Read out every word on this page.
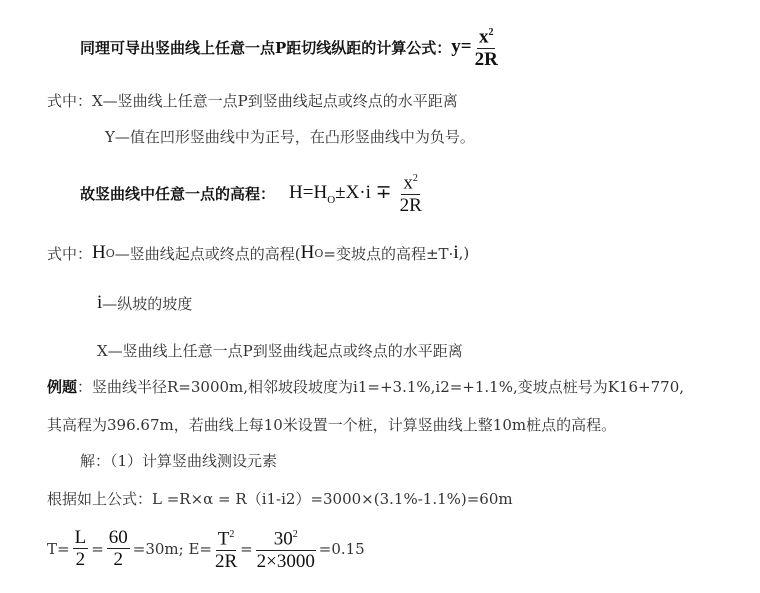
同理可导出竖曲线上任意一点P距切线纵距的计算公式： $y= \frac{x^2}{2R}$
式中：X—竖曲线上任意一点P到竖曲线起点或终点的水平距离
Y—值在凹形竖曲线中为正号，在凸形竖曲线中为负号。
故竖曲线中任意一点的高程： $H=H_O\pm X\cdot i \mp \frac{x^2}{2R}$
式中： H O —竖曲线起点或终点的高程( H O =变坡点的高程±T· i ,)
i —纵坡的坡度
X—竖曲线上任意一点P到竖曲线起点或终点的水平距离
例题 ：竖曲线半径R=3000m,相邻坡段坡度为i1=+3.1%,i2=+1.1%,变坡点桩号为K16+770,
其高程为396.67m，若曲线上每10米设置一个桩，计算竖曲线上整10m桩点的高程。
解：（1）计算竖曲线测设元素
根据如上公式：L =R×α = R（i1-i2）=3000×(3.1%-1.1%)=60m
$T= \frac{L}{2} = \frac{60}{2} =30m$; $E= \frac{T^2}{2R} = \frac{30^2}{2\times 3000} =0.15$
